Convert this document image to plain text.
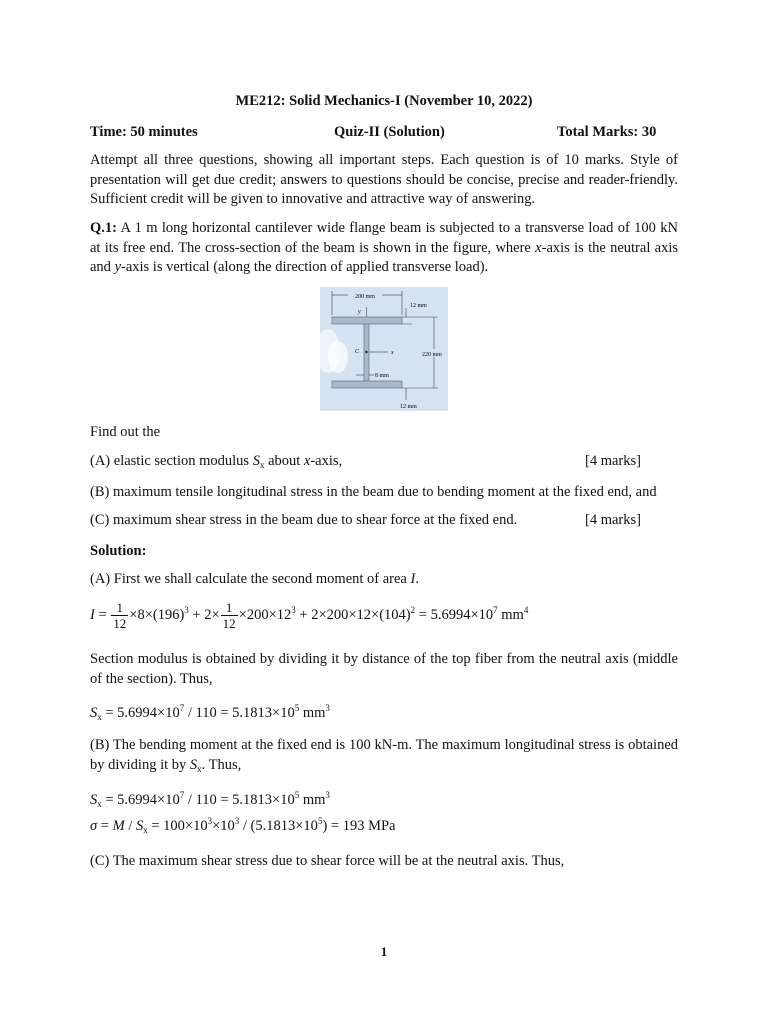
ME212: Solid Mechanics-I (November 10, 2022)
Time: 50 minutes	Quiz-II (Solution)	Total Marks: 30
Attempt all three questions, showing all important steps. Each question is of 10 marks. Style of presentation will get due credit; answers to questions should be concise, precise and reader-friendly. Sufficient credit will be given to innovative and attractive way of answering.
Q.1: A 1 m long horizontal cantilever wide flange beam is subjected to a transverse load of 100 kN at its free end. The cross-section of the beam is shown in the figure, where x-axis is the neutral axis and y-axis is vertical (along the direction of applied transverse load).
200 mm
y
12 mm
220 mm
C	x
8 mm
12 mm
Find out the
(A) elastic section modulus $S_x$ about x-axis,	[4 marks]
(B) maximum tensile longitudinal stress in the beam due to bending moment at the fixed end, and
(C) maximum shear stress in the beam due to shear force at the fixed end.	[4 marks]
Solution:
(A) First we shall calculate the second moment of area I.
$I = \frac{1}{12} \times 8\times(196)^3 + 2\times \frac{1}{12} \times 200\times 12^3 + 2\times 200\times 12\times(104)^2 = 5.6994\times 10^7$ $mm^4$
Section modulus is obtained by dividing it by distance of the top fiber from the neutral axis (middle of the section). Thus,
$S_x = 5.6994\times 10^7 / 110 = 5.1813\times 10^5$ $mm^3$
(B) The bending moment at the fixed end is 100 kN-m. The maximum longitudinal stress is obtained by dividing it by $S_x$. Thus,
$S_x = 5.6994\times 10^7 / 110 = 5.1813\times 10^5$ $mm^3$
$\sigma = M / S_x = 100\times 10^3\times 10^3 / (5.1813\times 10^5) = 193$ MPa
(C) The maximum shear stress due to shear force will be at the neutral axis. Thus,
1
